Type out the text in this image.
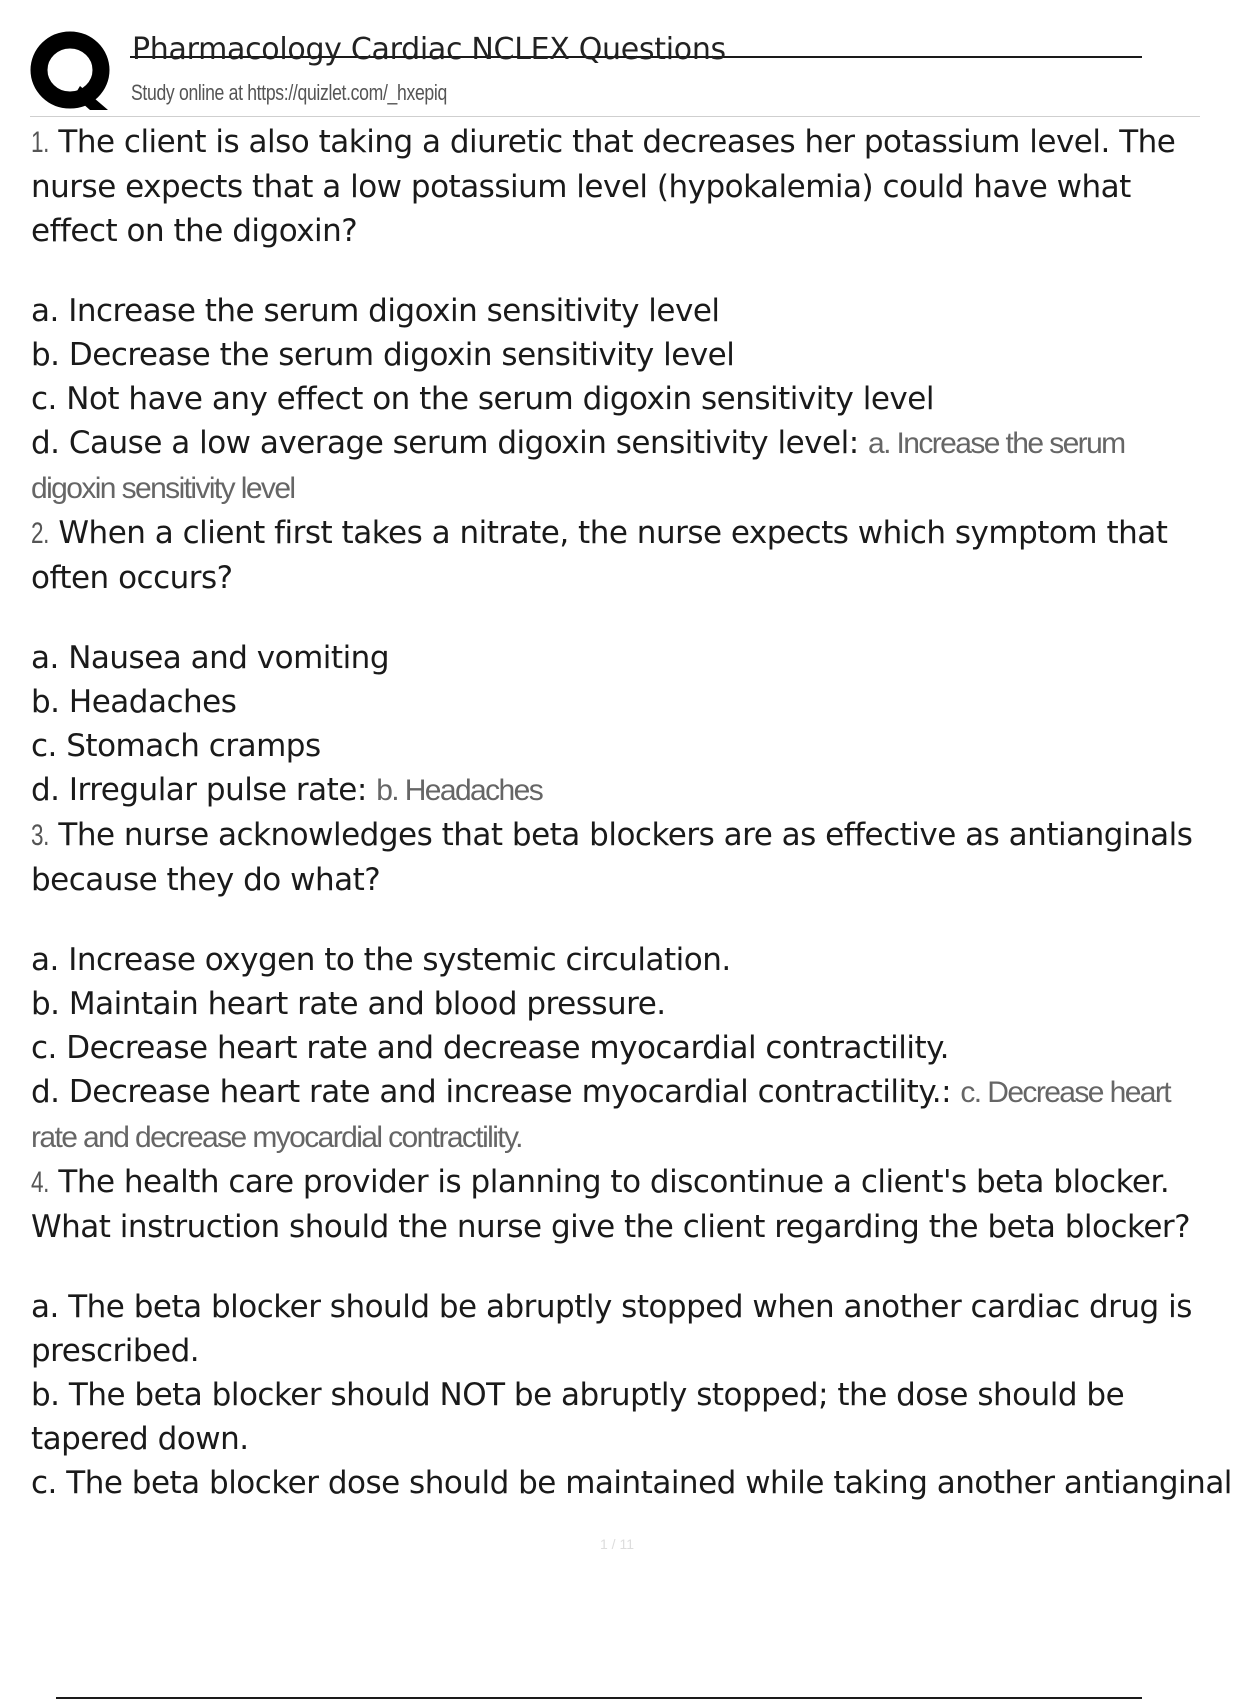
Pharmacology Cardiac NCLEX Questions
Study online at https://quizlet.com/_hxepiq
1. The client is also taking a diuretic that decreases her potassium level. The nurse expects that a low potassium level (hypokalemia) could have what effect on the digoxin?
a. Increase the serum digoxin sensitivity level
b. Decrease the serum digoxin sensitivity level
c. Not have any effect on the serum digoxin sensitivity level
d. Cause a low average serum digoxin sensitivity level: a. Increase the serum digoxin sensitivity level
2. When a client first takes a nitrate, the nurse expects which symptom that often occurs?
a. Nausea and vomiting
b. Headaches
c. Stomach cramps
d. Irregular pulse rate: b. Headaches
3. The nurse acknowledges that beta blockers are as effective as antianginals because they do what?
a. Increase oxygen to the systemic circulation.
b. Maintain heart rate and blood pressure.
c. Decrease heart rate and decrease myocardial contractility.
d. Decrease heart rate and increase myocardial contractility.: c. Decrease heart rate and decrease myocardial contractility.
4. The health care provider is planning to discontinue a client's beta blocker. What instruction should the nurse give the client regarding the beta blocker?
a. The beta blocker should be abruptly stopped when another cardiac drug is prescribed.
b. The beta blocker should NOT be abruptly stopped; the dose should be tapered down.
c. The beta blocker dose should be maintained while taking another antianginal
1 / 11
